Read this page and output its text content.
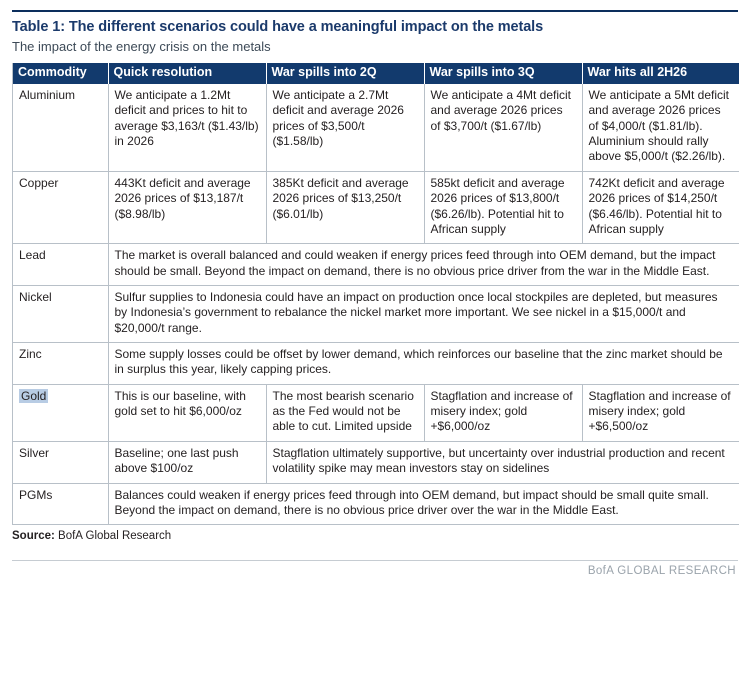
Table 1: The different scenarios could have a meaningful impact on the metals
The impact of the energy crisis on the metals
Commodity	Quick resolution	War spills into 2Q	War spills into 3Q	War hits all 2H26
Aluminium	We anticipate a 1.2Mt deficit and prices to hit to average $3,163/t ($1.43/lb) in 2026	We anticipate a 2.7Mt deficit and average 2026 prices of $3,500/t ($1.58/lb)	We anticipate a 4Mt deficit and average 2026 prices of $3,700/t ($1.67/lb)	We anticipate a 5Mt deficit and average 2026 prices of $4,000/t ($1.81/lb). Aluminium should rally above $5,000/t ($2.26/lb).
Copper	443Kt deficit and average 2026 prices of $13,187/t ($8.98/lb)	385Kt deficit and average 2026 prices of $13,250/t ($6.01/lb)	585kt deficit and average 2026 prices of $13,800/t ($6.26/lb). Potential hit to African supply	742Kt deficit and average 2026 prices of $14,250/t ($6.46/lb). Potential hit to African supply
Lead	The market is overall balanced and could weaken if energy prices feed through into OEM demand, but the impact should be small. Beyond the impact on demand, there is no obvious price driver from the war in the Middle East.			
Nickel	Sulfur supplies to Indonesia could have an impact on production once local stockpiles are depleted, but measures by Indonesia’s government to rebalance the nickel market more important. We see nickel in a $15,000/t and $20,000/t range.			
Zinc	Some supply losses could be offset by lower demand, which reinforces our baseline that the zinc market should be in surplus this year, likely capping prices.			
Gold	This is our baseline, with gold set to hit $6,000/oz	The most bearish scenario as the Fed would not be able to cut. Limited upside	Stagflation and increase of misery index; gold +$6,000/oz	Stagflation and increase of misery index; gold +$6,500/oz
Silver	Baseline; one last push above $100/oz	Stagflation ultimately supportive, but uncertainty over industrial production and recent volatility spike may mean investors stay on sidelines		
PGMs	Balances could weaken if energy prices feed through into OEM demand, but impact should be small quite small. Beyond the impact on demand, there is no obvious price driver over the war in the Middle East.			
Source: BofA Global Research
BofA GLOBAL RESEARCH
